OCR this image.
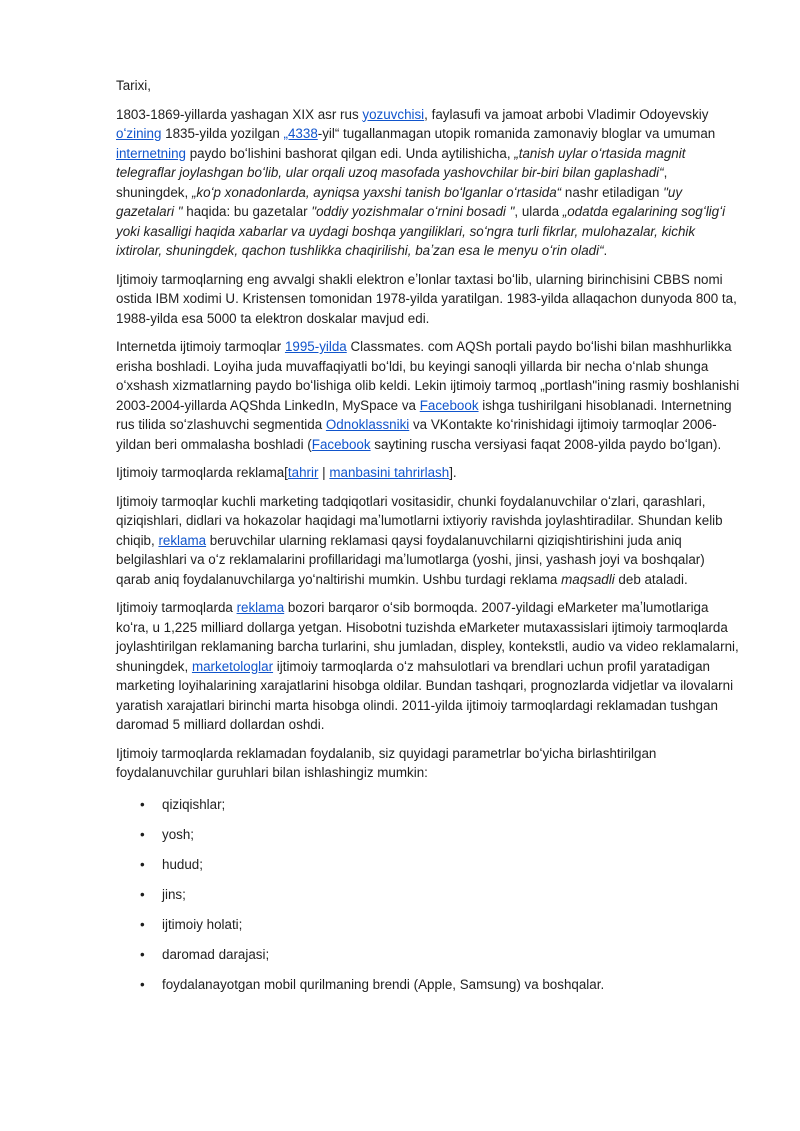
Tarixi,

1803-1869-yillarda yashagan XIX asr rus yozuvchisi, faylasufi va jamoat arbobi Vladimir Odoyevskiy oʻzining 1835-yilda yozilgan „4338-yil“ tugallanmagan utopik romanida zamonaviy bloglar va umuman internetning paydo boʻlishini bashorat qilgan edi. Unda aytilishicha, „tanish uylar oʻrtasida magnit telegraflar joylashgan boʻlib, ular orqali uzoq masofada yashovchilar bir-biri bilan gaplashadi“, shuningdek, „koʻp xonadonlarda, ayniqsa yaxshi tanish boʻlganlar oʻrtasida“ nashr etiladigan "uy gazetalari " haqida: bu gazetalar "oddiy yozishmalar oʻrnini bosadi ", ularda „odatda egalarining sogʻligʻi yoki kasalligi haqida xabarlar va uydagi boshqa yangiliklari, soʻngra turli fikrlar, mulohazalar, kichik ixtirolar, shuningdek, qachon tushlikka chaqirilishi, baʼzan esa le menyu oʻrin oladi“.

Ijtimoiy tarmoqlarning eng avvalgi shakli elektron eʼlonlar taxtasi boʻlib, ularning birinchisini CBBS nomi ostida IBM xodimi U. Kristensen tomonidan 1978-yilda yaratilgan. 1983-yilda allaqachon dunyoda 800 ta, 1988-yilda esa 5000 ta elektron doskalar mavjud edi.

Internetda ijtimoiy tarmoqlar 1995-yilda Classmates. com AQSh portali paydo boʻlishi bilan mashhurlikka erisha boshladi. Loyiha juda muvaffaqiyatli boʻldi, bu keyingi sanoqli yillarda bir necha oʻnlab shunga oʻxshash xizmatlarning paydo boʻlishiga olib keldi. Lekin ijtimoiy tarmoq „portlash"ining rasmiy boshlanishi 2003-2004-yillarda AQShda LinkedIn, MySpace va Facebook ishga tushirilgani hisoblanadi. Internetning rus tilida soʻzlashuvchi segmentida Odnoklassniki va VKontakte koʻrinishidagi ijtimoiy tarmoqlar 2006-yildan beri ommalasha boshladi (Facebook saytining ruscha versiyasi faqat 2008-yilda paydo boʻlgan).

Ijtimoiy tarmoqlarda reklama[tahrir | manbasini tahrirlash].

Ijtimoiy tarmoqlar kuchli marketing tadqiqotlari vositasidir, chunki foydalanuvchilar oʻzlari, qarashlari, qiziqishlari, didlari va hokazolar haqidagi maʼlumotlarni ixtiyoriy ravishda joylashtiradilar. Shundan kelib chiqib, reklama beruvchilar ularning reklamasi qaysi foydalanuvchilarni qiziqishtirishini juda aniq belgilashlari va oʻz reklamalarini profillaridagi maʼlumotlarga (yoshi, jinsi, yashash joyi va boshqalar) qarab aniq foydalanuvchilarga yoʻnaltirishi mumkin. Ushbu turdagi reklama maqsadli deb ataladi.

Ijtimoiy tarmoqlarda reklama bozori barqaror oʻsib bormoqda. 2007-yildagi eMarketer maʼlumotlariga koʻra, u 1,225 milliard dollarga yetgan. Hisobotni tuzishda eMarketer mutaxassislari ijtimoiy tarmoqlarda joylashtirilgan reklamaning barcha turlarini, shu jumladan, displey, kontekstli, audio va video reklamalarni, shuningdek, marketologlar ijtimoiy tarmoqlarda oʻz mahsulotlari va brendlari uchun profil yaratadigan marketing loyihalarining xarajatlarini hisobga oldilar. Bundan tashqari, prognozlarda vidjetlar va ilovalarni yaratish xarajatlari birinchi marta hisobga olindi. 2011-yilda ijtimoiy tarmoqlardagi reklamadan tushgan daromad 5 milliard dollardan oshdi.

Ijtimoiy tarmoqlarda reklamadan foydalanib, siz quyidagi parametrlar boʻyicha birlashtirilgan foydalanuvchilar guruhlari bilan ishlashingiz mumkin:

• qiziqishlar;
• yosh;
• hudud;
• jins;
• ijtimoiy holati;
• daromad darajasi;
• foydalanayotgan mobil qurilmaning brendi (Apple, Samsung) va boshqalar.
